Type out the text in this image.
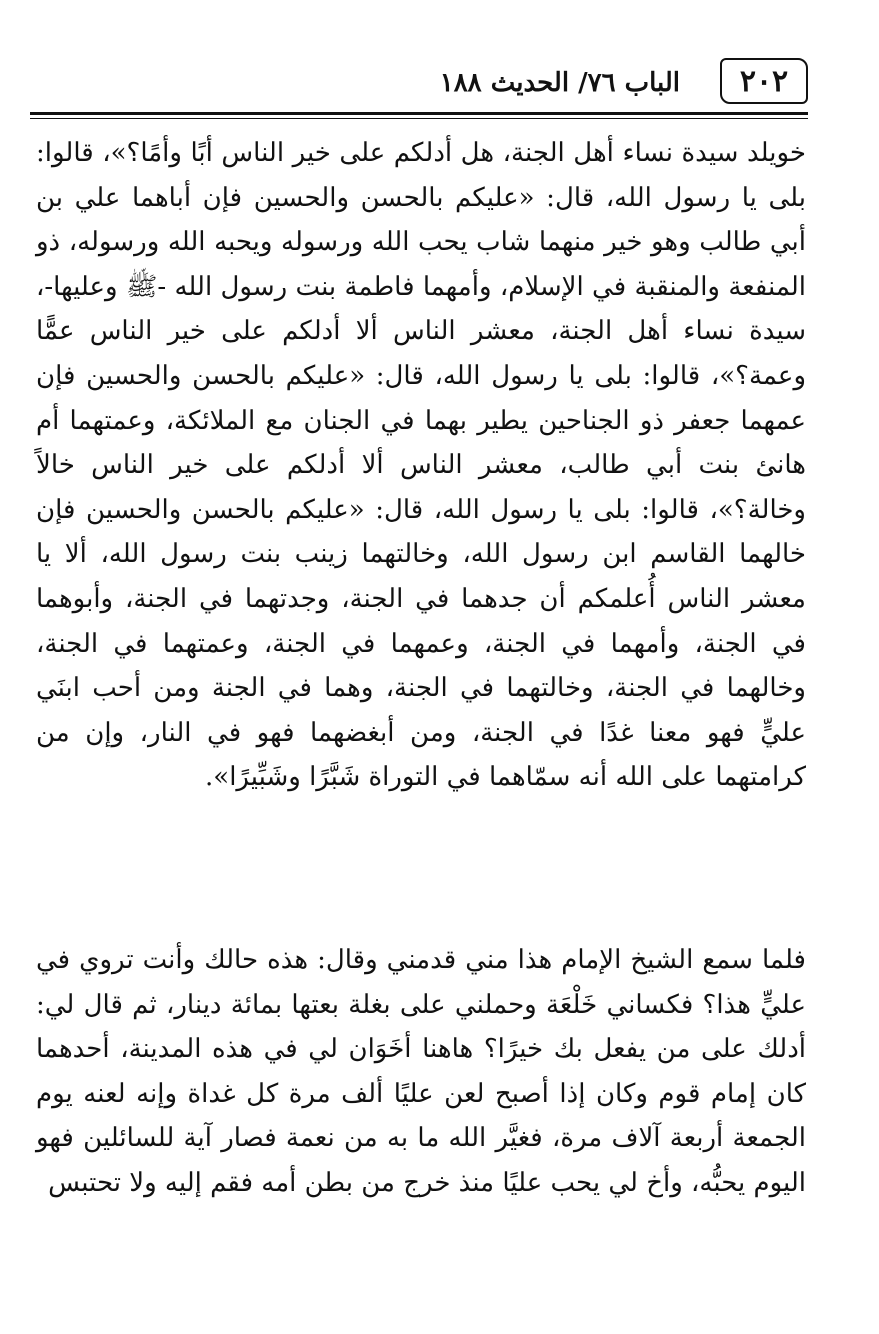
٢٠٢
الباب ٧٦/ الحديث ١٨٨

خويلد سيدة نساء أهل الجنة، هل أدلكم على خير الناس أبًا وأمًا؟»، قالوا: بلى يا رسول الله، قال: «عليكم بالحسن والحسين فإن أباهما علي بن أبي طالب وهو خير منهما شاب يحب الله ورسوله ويحبه الله ورسوله، ذو المنفعة والمنقبة في الإسلام، وأمهما فاطمة بنت رسول الله -ﷺ وعليها-، سيدة نساء أهل الجنة، معشر الناس ألا أدلكم على خير الناس عمًّا وعمة؟»، قالوا: بلى يا رسول الله، قال: «عليكم بالحسن والحسين فإن عمهما جعفر ذو الجناحين يطير بهما في الجنان مع الملائكة، وعمتهما أم هانئ بنت أبي طالب، معشر الناس ألا أدلكم على خير الناس خالاً وخالة؟»، قالوا: بلى يا رسول الله، قال: «عليكم بالحسن والحسين فإن خالهما القاسم ابن رسول الله، وخالتهما زينب بنت رسول الله، ألا يا معشر الناس أُعلمكم أن جدهما في الجنة، وجدتهما في الجنة، وأبوهما في الجنة، وأمهما في الجنة، وعمهما في الجنة، وعمتهما في الجنة، وخالهما في الجنة، وخالتهما في الجنة، وهما في الجنة ومن أحب ابنَي عليٍّ فهو معنا غدًا في الجنة، ومن أبغضهما فهو في النار، وإن من كرامتهما على الله أنه سمّاهما في التوراة شَبَّرًا وشَبِّيرًا».

فلما سمع الشيخ الإمام هذا مني قدمني وقال: هذه حالك وأنت تروي في عليٍّ هذا؟ فكساني خَلْعَة وحملني على بغلة بعتها بمائة دينار، ثم قال لي: أدلك على من يفعل بك خيرًا؟ هاهنا أخَوَان لي في هذه المدينة، أحدهما كان إمام قوم وكان إذا أصبح لعن عليًا ألف مرة كل غداة وإنه لعنه يوم الجمعة أربعة آلاف مرة، فغيَّر الله ما به من نعمة فصار آية للسائلين فهو اليوم يحبُّه، وأخ لي يحب عليًا منذ خرج من بطن أمه فقم إليه ولا تحتبس
